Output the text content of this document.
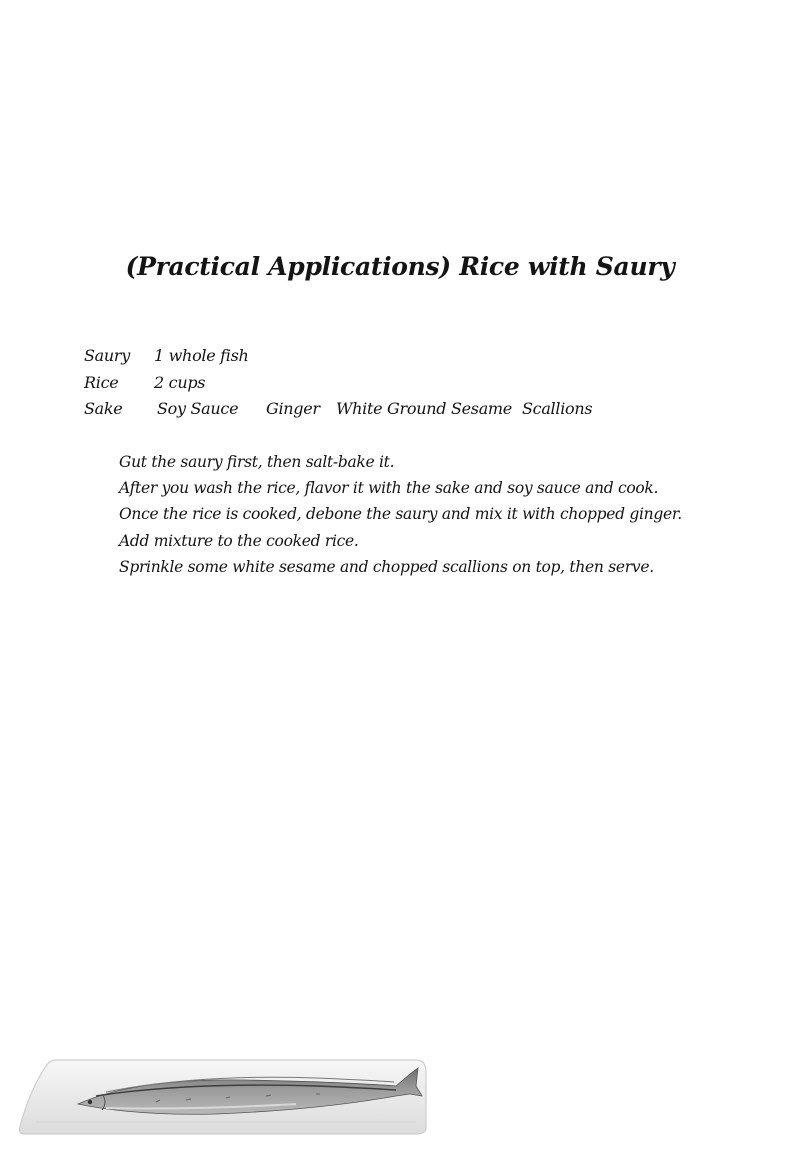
(Practical Applications) Rice with Saury
Saury 1 whole fish
Rice 2 cups
Sake Soy Sauce Ginger White Ground Sesame Scallions
Gut the saury first, then salt-bake it.
After you wash the rice, flavor it with the sake and soy sauce and cook.
Once the rice is cooked, debone the saury and mix it with chopped ginger.
Add mixture to the cooked rice.
Sprinkle some white sesame and chopped scallions on top, then serve.
